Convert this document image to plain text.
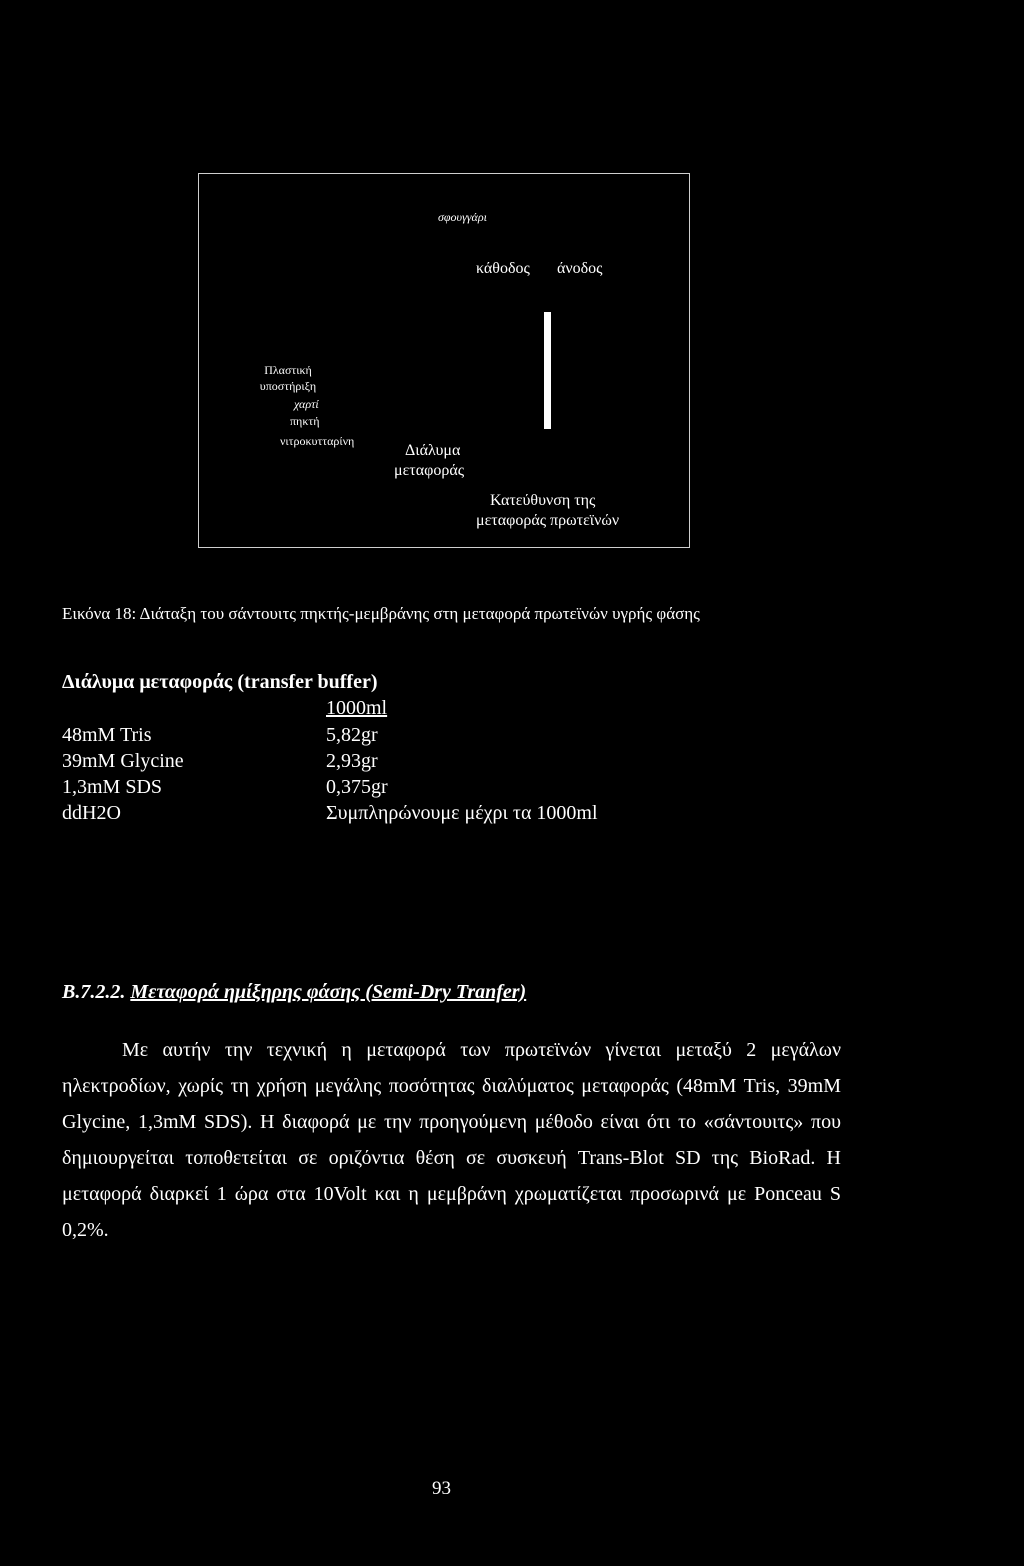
σφουγγάρι
κάθοδος άνοδος
Πλαστική υποστήριξη
χαρτί
πηκτή
νιτροκυτταρίνη
Διάλυμα
μεταφοράς
Κατεύθυνση της
μεταφοράς πρωτεϊνών
Εικόνα 18: Διάταξη του σάντουιτς πηκτής-μεμβράνης στη μεταφορά πρωτεϊνών υγρής φάσης
Διάλυμα μεταφοράς (transfer buffer)
1000ml
48mM Tris	5,82gr
39mM Glycine	2,93gr
1,3mM SDS	0,375gr
ddH2O	Συμπληρώνουμε μέχρι τα 1000ml
B.7.2.2. Μεταφορά ημίξηρης φάσης (Semi-Dry Tranfer)
Με αυτήν την τεχνική η μεταφορά των πρωτεϊνών γίνεται μεταξύ 2 μεγάλων ηλεκτροδίων, χωρίς τη χρήση μεγάλης ποσότητας διαλύματος μεταφοράς (48mM Tris, 39mM Glycine, 1,3mM SDS). Η διαφορά με την προηγούμενη μέθοδο είναι ότι το «σάντουιτς» που δημιουργείται τοποθετείται σε οριζόντια θέση σε συσκευή Trans-Blot SD της BioRad. Η μεταφορά διαρκεί 1 ώρα στα 10Volt και η μεμβράνη χρωματίζεται προσωρινά με Ponceau S 0,2%.
93
